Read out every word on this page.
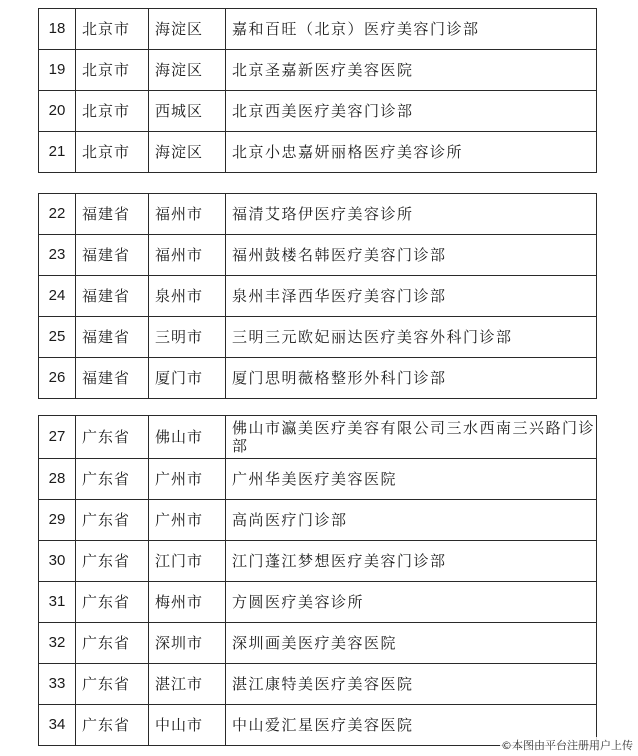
18	北京市	海淀区	嘉和百旺（北京）医疗美容门诊部
19	北京市	海淀区	北京圣嘉新医疗美容医院
20	北京市	西城区	北京西美医疗美容门诊部
21	北京市	海淀区	北京小忠嘉妍丽格医疗美容诊所
22	福建省	福州市	福清艾珞伊医疗美容诊所
23	福建省	福州市	福州鼓楼名韩医疗美容门诊部
24	福建省	泉州市	泉州丰泽西华医疗美容门诊部
25	福建省	三明市	三明三元欧妃丽达医疗美容外科门诊部
26	福建省	厦门市	厦门思明薇格整形外科门诊部
27	广东省	佛山市	佛山市瀛美医疗美容有限公司三水西南三兴路门诊部
28	广东省	广州市	广州华美医疗美容医院
29	广东省	广州市	高尚医疗门诊部
30	广东省	江门市	江门蓬江梦想医疗美容门诊部
31	广东省	梅州市	方圆医疗美容诊所
32	广东省	深圳市	深圳画美医疗美容医院
33	广东省	湛江市	湛江康特美医疗美容医院
34	广东省	中山市	中山爱汇星医疗美容医院
©本图由平台注册用户上传
